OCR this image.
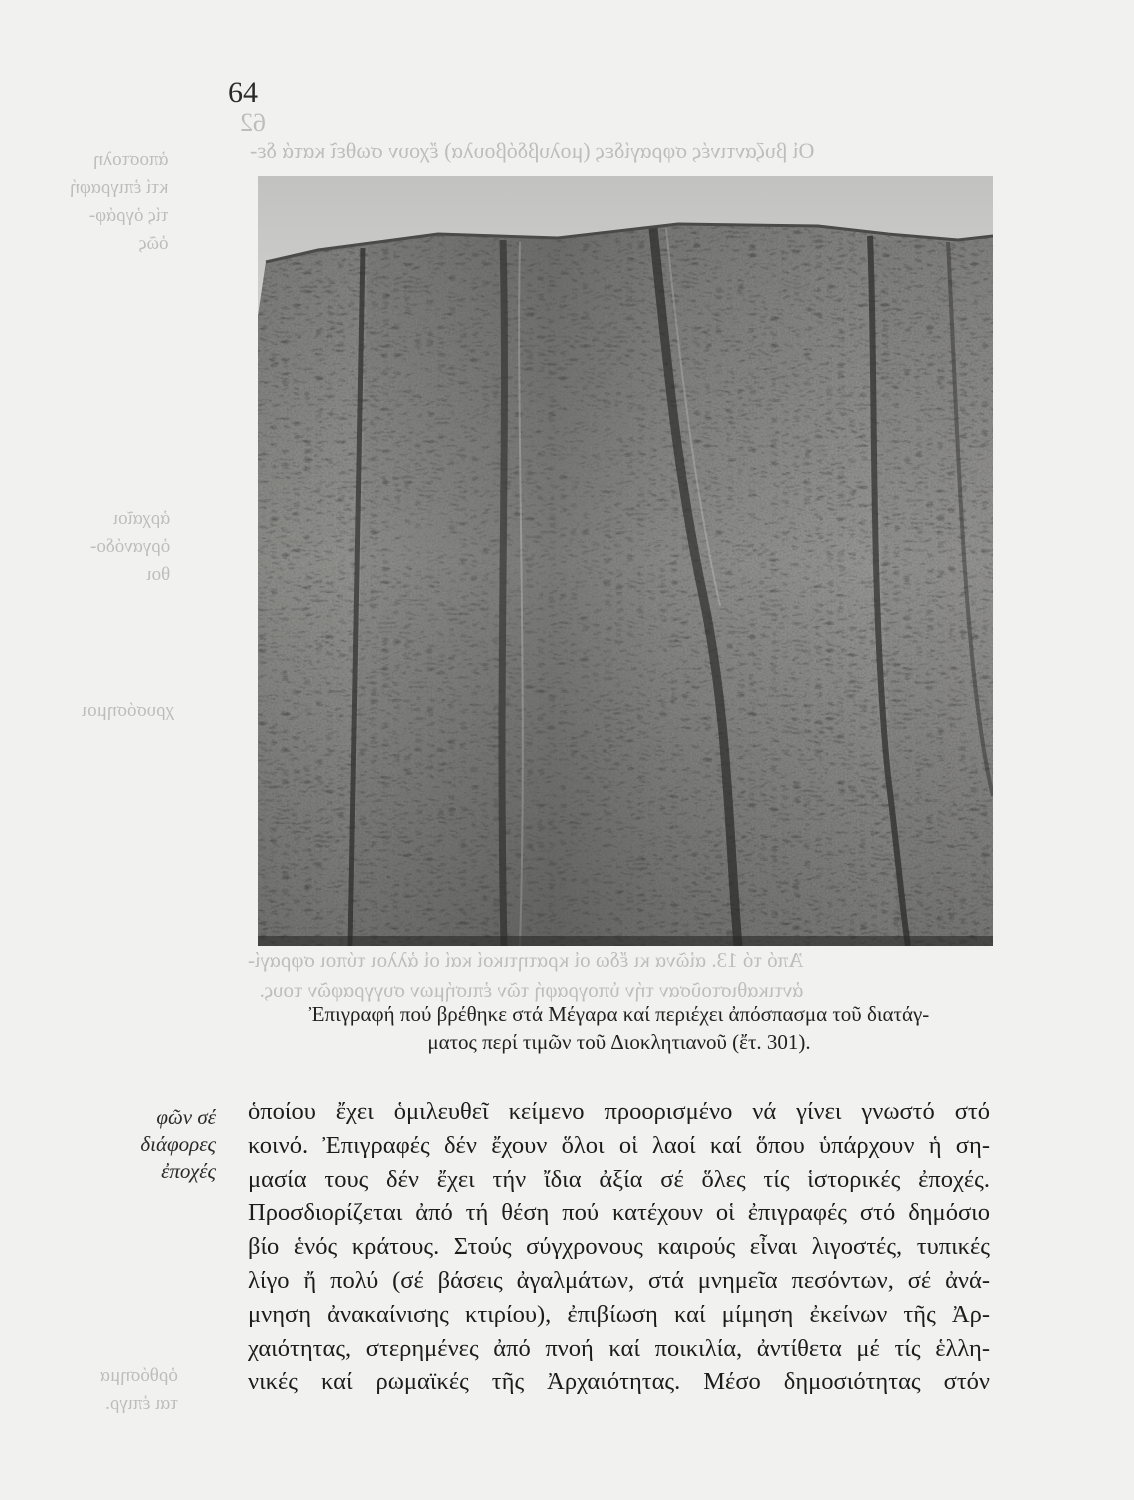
62
ἀποστολη
κτί ἐπιγραφή
τίς ὀγράφ-
ὀῶς
ἀρχαῖοι
ὀργανόδο-
θοι
χρυσόσημοι
ὀρθόσημα
ται ἐπιγρ.
Οἱ βυζαντινές σφραγίδες (μολυβδόβουλα) ἔχουν σωθεῖ κατά δε-
Ἀπό τό 13. αἰῶνα κι ἔδω οἱ κρατητικοί καί οἱ ἀλλοι τύποι σφραγί-
ἀντικαθιστοῦσαν τήν ὑπογραφή τῶν ἐπισήμων συγγραφῶν τους.
64
Ἐπιγραφή πού βρέθηκε στά Μέγαρα καί περιέχει ἀπόσπασμα τοῦ διατάγ-
ματος περί τιμῶν τοῦ Διοκλητιανοῦ (ἔτ. 301).
φῶν σέ
διάφορες
ἐποχές
ὁποίου ἔχει ὁμιλευθεῖ κείμενο προορισμένο νά γίνει γνωστό στό
κοινό. Ἐπιγραφές δέν ἔχουν ὅλοι οἱ λαοί καί ὅπου ὑπάρχουν ἡ ση-
μασία τους δέν ἔχει τήν ἴδια ἀξία σέ ὅλες τίς ἱστορικές ἐποχές.
Προσδιορίζεται ἀπό τή θέση πού κατέχουν οἱ ἐπιγραφές στό δημόσιο
βίο ἑνός κράτους. Στούς σύγχρονους καιρούς εἶναι λιγοστές, τυπικές
λίγο ἤ πολύ (σέ βάσεις ἀγαλμάτων, στά μνημεῖα πεσόντων, σέ ἀνά-
μνηση ἀνακαίνισης κτιρίου), ἐπιβίωση καί μίμηση ἐκείνων τῆς Ἀρ-
χαιότητας, στερημένες ἀπό πνοή καί ποικιλία, ἀντίθετα μέ τίς ἑλλη-
νικές καί ρωμαϊκές τῆς Ἀρχαιότητας. Μέσο δημοσιότητας στόν
